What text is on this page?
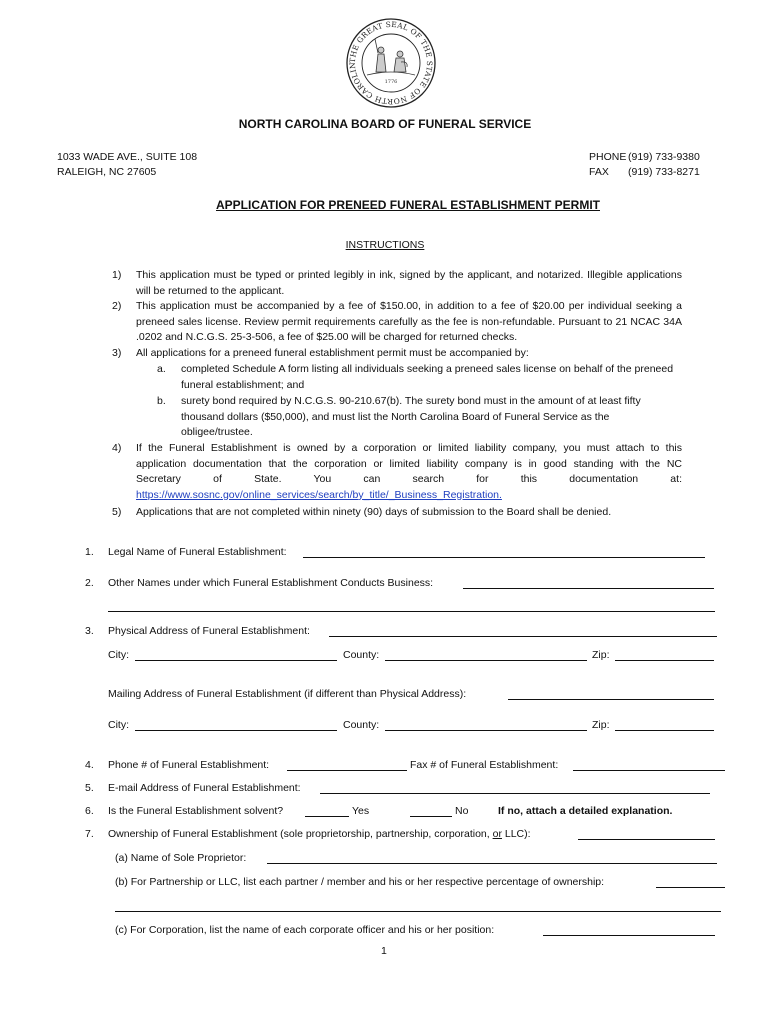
THE GREAT SEAL OF THE STATE OF NORTH CAROLIN
1776
NORTH CAROLINA BOARD OF FUNERAL SERVICE
1033 WADE AVE., SUITE 108
RALEIGH, NC 27605
PHONE (919) 733-9380
FAX (919) 733-8271
APPLICATION FOR PRENEED FUNERAL ESTABLISHMENT PERMIT
INSTRUCTIONS
1) This application must be typed or printed legibly in ink, signed by the applicant, and notarized. Illegible applications will be returned to the applicant.
2) This application must be accompanied by a fee of $150.00, in addition to a fee of $20.00 per individual seeking a preneed sales license. Review permit requirements carefully as the fee is non-refundable. Pursuant to 21 NCAC 34A .0202 and N.C.G.S. 25-3-506, a fee of $25.00 will be charged for returned checks.
3) All applications for a preneed funeral establishment permit must be accompanied by:
a. completed Schedule A form listing all individuals seeking a preneed sales license on behalf of the preneed funeral establishment; and
b. surety bond required by N.C.G.S. 90-210.67(b). The surety bond must in the amount of at least fifty thousand dollars ($50,000), and must list the North Carolina Board of Funeral Service as the obligee/trustee.
4) If the Funeral Establishment is owned by a corporation or limited liability company, you must attach to this
application documentation that the corporation or limited liability company is in good standing with the NC
Secretary of State. You can search for this documentation at:
https://www.sosnc.gov/online_services/search/by_title/_Business_Registration.
5) Applications that are not completed within ninety (90) days of submission to the Board shall be denied.
1. Legal Name of Funeral Establishment:
2. Other Names under which Funeral Establishment Conducts Business:
3. Physical Address of Funeral Establishment:
City:	County:	Zip:
Mailing Address of Funeral Establishment (if different than Physical Address):
City:	County:	Zip:
4. Phone # of Funeral Establishment:	Fax # of Funeral Establishment:
5. E-mail Address of Funeral Establishment:
6. Is the Funeral Establishment solvent?	Yes	No	If no, attach a detailed explanation.
7. Ownership of Funeral Establishment (sole proprietorship, partnership, corporation, or LLC):
(a) Name of Sole Proprietor:
(b) For Partnership or LLC, list each partner / member and his or her respective percentage of ownership:
(c) For Corporation, list the name of each corporate officer and his or her position:
1
